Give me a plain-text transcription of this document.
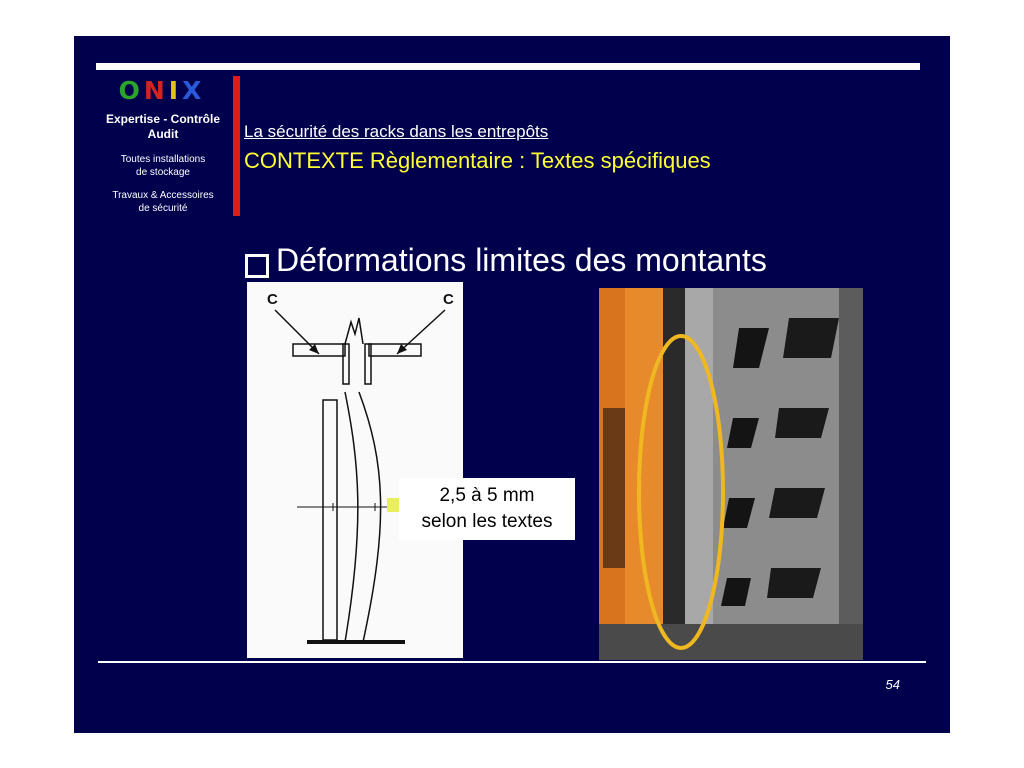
ONIX
Expertise - Contrôle
Audit
Toutes installations
de stockage
Travaux & Accessoires
de sécurité
La sécurité des racks dans les entrepôts
CONTEXTE Règlementaire : Textes spécifiques
Déformations limites des montants
C	C
2,5 à 5 mm
selon les textes
54
